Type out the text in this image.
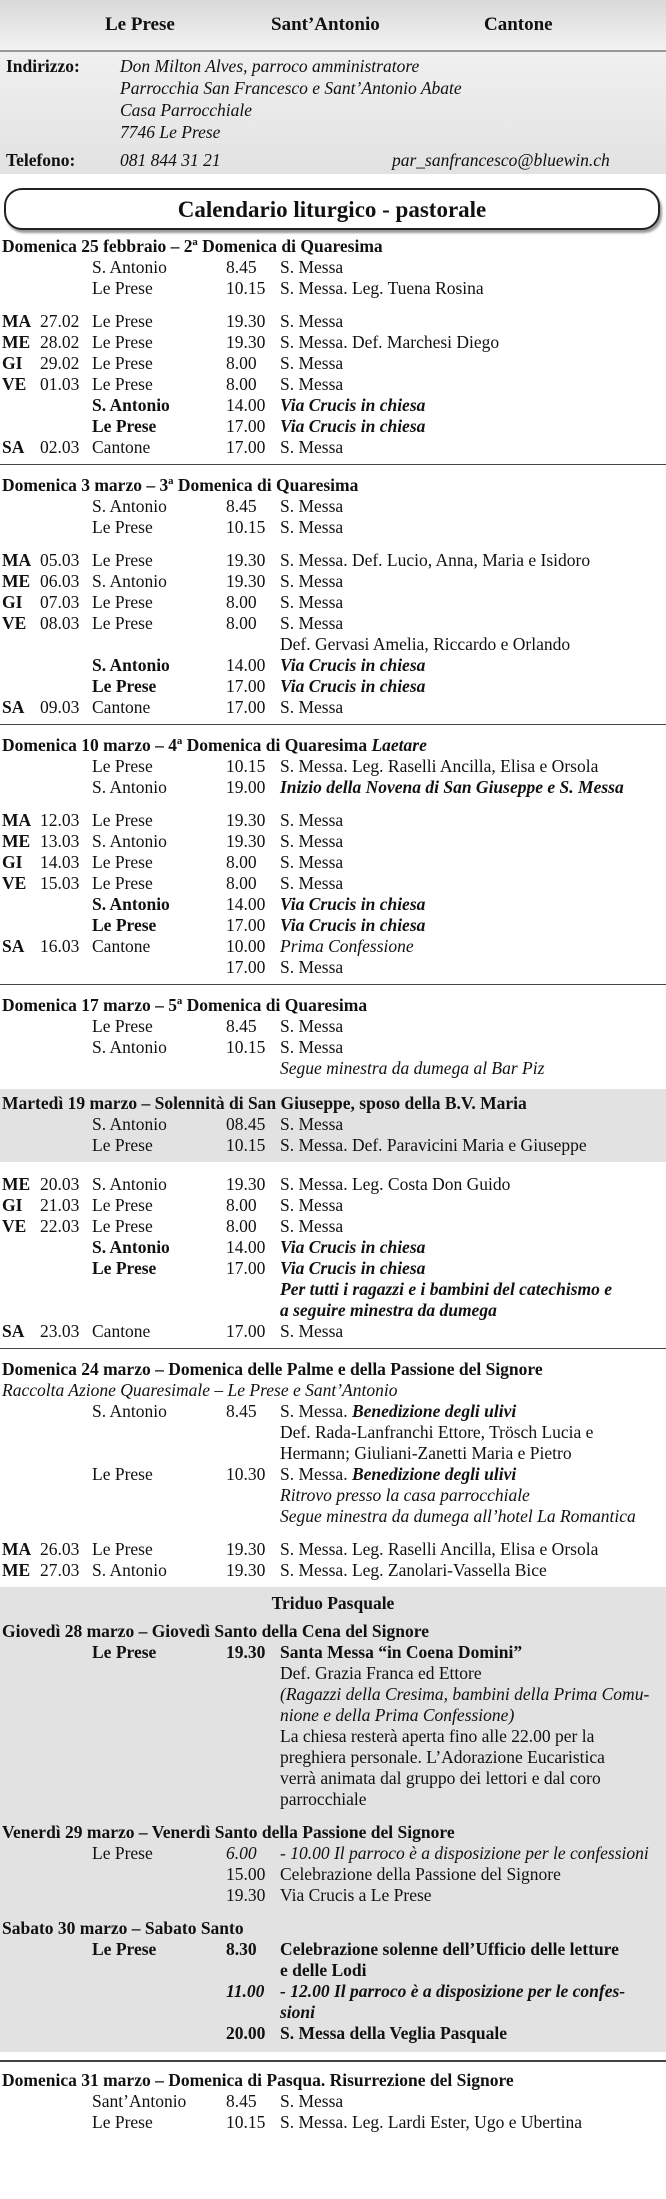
Le Prese	Sant’Antonio	Cantone
Indirizzo: Don Milton Alves, parroco amministratore
Parrocchia San Francesco e Sant’Antonio Abate
Casa Parrocchiale
7746 Le Prese
Telefono:	081 844 31 21	par_sanfrancesco@bluewin.ch
Calendario liturgico - pastorale
Domenica 25 febbraio – 2ª Domenica di Quaresima
S. Antonio	8.45	S. Messa
Le Prese	10.15 S. Messa. Leg. Tuena Rosina
MA 27.02 Le Prese	19.30 S. Messa
ME 28.02 Le Prese	19.30 S. Messa. Def. Marchesi Diego
GI 29.02 Le Prese	8.00	S. Messa
VE 01.03 Le Prese	8.00	S. Messa
S. Antonio	14.00 Via Crucis in chiesa
Le Prese	17.00 Via Crucis in chiesa
SA 02.03 Cantone	17.00 S. Messa
Domenica 3 marzo – 3ª Domenica di Quaresima
S. Antonio	8.45	S. Messa
Le Prese	10.15 S. Messa
MA 05.03 Le Prese	19.30 S. Messa. Def. Lucio, Anna, Maria e Isidoro
ME 06.03 S. Antonio	19.30 S. Messa
GI 07.03 Le Prese	8.00	S. Messa
VE 08.03 Le Prese	8.00	S. Messa
Def. Gervasi Amelia, Riccardo e Orlando
S. Antonio	14.00 Via Crucis in chiesa
Le Prese	17.00 Via Crucis in chiesa
SA 09.03 Cantone	17.00 S. Messa
Domenica 10 marzo – 4ª Domenica di Quaresima Laetare
Le Prese	10.15 S. Messa. Leg. Raselli Ancilla, Elisa e Orsola
S. Antonio	19.00 Inizio della Novena di San Giuseppe e S. Messa
MA 12.03 Le Prese	19.30 S. Messa
ME 13.03 S. Antonio	19.30 S. Messa
GI 14.03 Le Prese	8.00	S. Messa
VE 15.03 Le Prese	8.00	S. Messa
S. Antonio	14.00 Via Crucis in chiesa
Le Prese	17.00 Via Crucis in chiesa
SA 16.03 Cantone	10.00 Prima Confessione
17.00 S. Messa
Domenica 17 marzo – 5ª Domenica di Quaresima
Le Prese	8.45	S. Messa
S. Antonio	10.15 S. Messa
Segue minestra da dumega al Bar Piz
Martedì 19 marzo – Solennità di San Giuseppe, sposo della B.V. Maria
S. Antonio	08.45 S. Messa
Le Prese	10.15 S. Messa. Def. Paravicini Maria e Giuseppe
ME 20.03 S. Antonio	19.30 S. Messa. Leg. Costa Don Guido
GI 21.03 Le Prese	8.00	S. Messa
VE 22.03 Le Prese	8.00	S. Messa
S. Antonio	14.00 Via Crucis in chiesa
Le Prese	17.00 Via Crucis in chiesa
Per tutti i ragazzi e i bambini del catechismo e
a seguire minestra da dumega
SA 23.03 Cantone	17.00 S. Messa
Domenica 24 marzo – Domenica delle Palme e della Passione del Signore
Raccolta Azione Quaresimale – Le Prese e Sant’Antonio
S. Antonio	8.45	S. Messa. Benedizione degli ulivi
Def. Rada-Lanfranchi Ettore, Trösch Lucia e
Hermann; Giuliani-Zanetti Maria e Pietro
Le Prese	10.30 S. Messa. Benedizione degli ulivi
Ritrovo presso la casa parrocchiale
Segue minestra da dumega all’hotel La Romantica
MA 26.03 Le Prese	19.30 S. Messa. Leg. Raselli Ancilla, Elisa e Orsola
ME 27.03 S. Antonio	19.30 S. Messa. Leg. Zanolari-Vassella Bice
Triduo Pasquale
Giovedì 28 marzo – Giovedì Santo della Cena del Signore
Le Prese	19.30 Santa Messa “in Coena Domini”
Def. Grazia Franca ed Ettore
(Ragazzi della Cresima, bambini della Prima Comu-
nione e della Prima Confessione)
La chiesa resterà aperta fino alle 22.00 per la
preghiera personale. L’Adorazione Eucaristica
verrà animata dal gruppo dei lettori e dal coro
parrocchiale
Venerdì 29 marzo – Venerdì Santo della Passione del Signore
Le Prese	6.00	- 10.00 Il parroco è a disposizione per le confessioni
15.00 Celebrazione della Passione del Signore
19.30 Via Crucis a Le Prese
Sabato 30 marzo – Sabato Santo
Le Prese	8.30	Celebrazione solenne dell’Ufficio delle letture
e delle Lodi
11.00 - 12.00 Il parroco è a disposizione per le confes-
sioni
20.00 S. Messa della Veglia Pasquale
Domenica 31 marzo – Domenica di Pasqua. Risurrezione del Signore
Sant’Antonio 8.45	S. Messa
Le Prese	10.15 S. Messa. Leg. Lardi Ester, Ugo e Ubertina
